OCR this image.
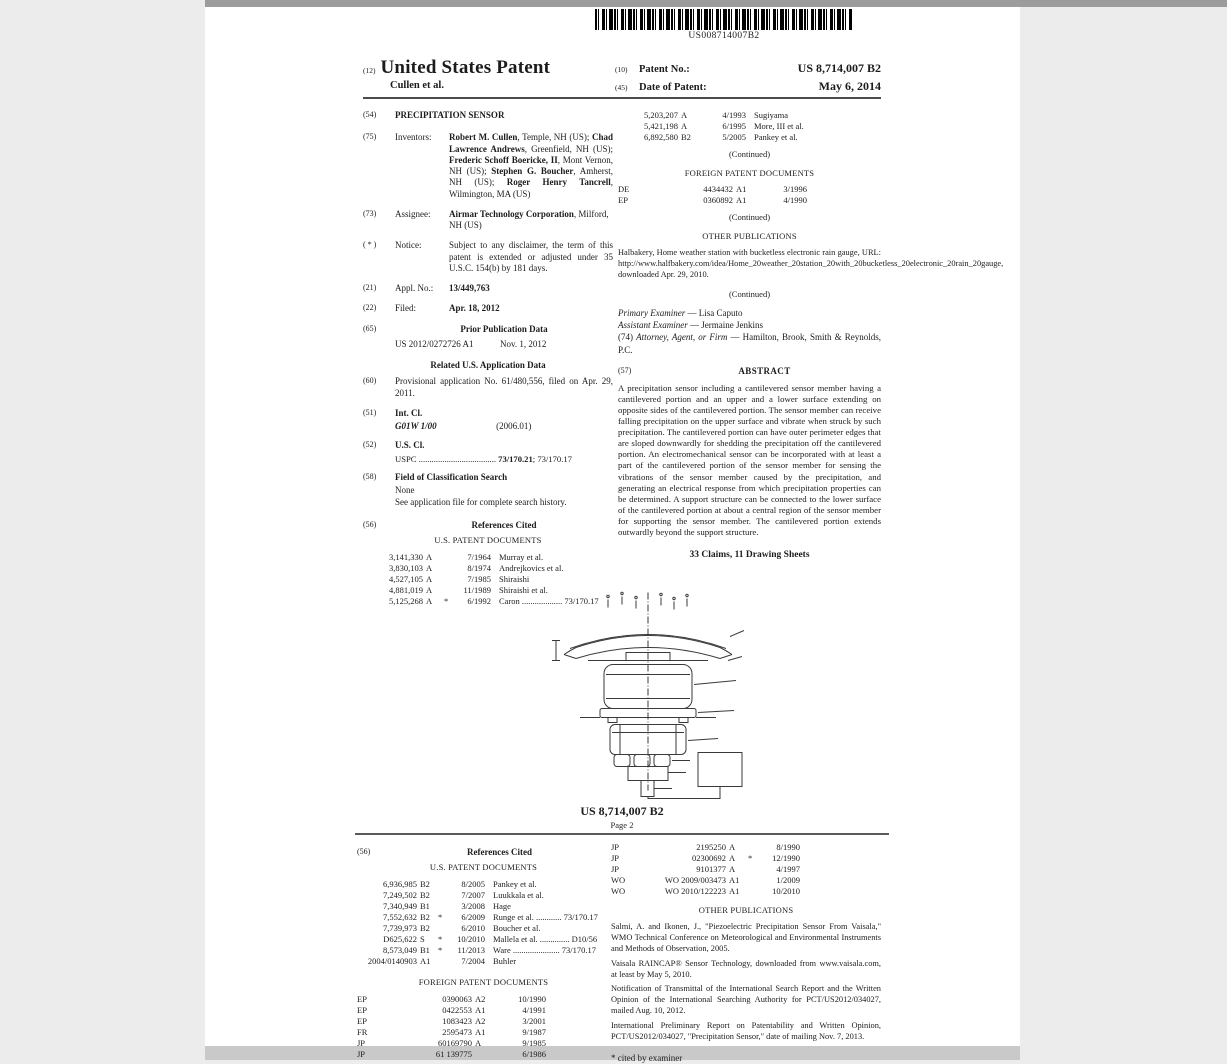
US008714007B2
(12) United States Patent
Cullen et al.
(10)	Patent No.:	US 8,714,007 B2
(45)	Date of Patent:	May 6, 2014
(54)	PRECIPITATION SENSOR
(75)	Inventors:	Robert M. Cullen, Temple, NH (US); Chad Lawrence Andrews, Greenfield, NH (US); Frederic Schoff Boericke, II, Mont Vernon, NH (US); Stephen G. Boucher, Amherst, NH (US); Roger Henry Tancrell, Wilmington, MA (US)
(73)	Assignee:	Airmar Technology Corporation, Milford, NH (US)
( * )	Notice:	Subject to any disclaimer, the term of this patent is extended or adjusted under 35 U.S.C. 154(b) by 181 days.
(21)	Appl. No.:	13/449,763
(22)	Filed:	Apr. 18, 2012
(65)	Prior Publication Data
US 2012/0272726 A1	Nov. 1, 2012
Related U.S. Application Data
(60)	Provisional application No. 61/480,556, filed on Apr. 29, 2011.
(51)	Int. Cl.
G01W 1/00	(2006.01)
(52)	U.S. Cl.
USPC .................................... 73/170.21; 73/170.17
(58)	Field of Classification Search
None
See application file for complete search history.
(56)	References Cited
U.S. PATENT DOCUMENTS
3,141,330 A	7/1964 Murray et al.
3,830,103 A	8/1974 Andrejkovics et al.
4,527,105 A	7/1985 Shiraishi
4,881,019 A	11/1989 Shiraishi et al.
5,125,268 A	*	6/1992 Caron ................... 73/170.17
5,203,207 A	4/1993 Sugiyama
5,421,198 A	6/1995 More, III et al.
6,892,580 B2	5/2005 Pankey et al.
(Continued)
FOREIGN PATENT DOCUMENTS
DE	4434432 A1	3/1996
EP	0360892 A1	4/1990
(Continued)
OTHER PUBLICATIONS
Halbakery, Home weather station with bucketless electronic rain gauge, URL: http://www.halfbakery.com/idea/Home_20weather_20station_20with_20bucketless_20electronic_20rain_20gauge, downloaded Apr. 29, 2010.
(Continued)
Primary Examiner — Lisa Caputo
Assistant Examiner — Jermaine Jenkins
(74) Attorney, Agent, or Firm — Hamilton, Brook, Smith & Reynolds, P.C.
(57)	ABSTRACT
A precipitation sensor including a cantilevered sensor member having a cantilevered portion and an upper and a lower surface extending on opposite sides of the cantilevered portion. The sensor member can receive falling precipitation on the upper surface and vibrate when struck by such precipitation. The cantilevered portion can have outer perimeter edges that are sloped downwardly for shedding the precipitation off the cantilevered portion. An electromechanical sensor can be incorporated with at least a part of the cantilevered portion of the sensor member for sensing the vibrations of the sensor member caused by the precipitation, and generating an electrical response from which precipitation properties can be determined. A support structure can be connected to the lower surface of the cantilevered portion at about a central region of the sensor member for supporting the sensor member. The cantilevered portion extends outwardly beyond the support structure.
33 Claims, 11 Drawing Sheets
US 8,714,007 B2
Page 2
(56)	References Cited
U.S. PATENT DOCUMENTS
6,936,985 B2	8/2005 Pankey et al.
7,249,502 B2	7/2007 Luukkala et al.
7,340,949 B1	3/2008 Hage
7,552,632 B2 *	6/2009 Runge et al. ............ 73/170.17
7,739,973 B2	6/2010 Boucher et al.
D625,622 S	*	10/2010 Mallela et al. .............. D10/56
8,573,049 B1 *	11/2013 Ware ...................... 73/170.17
2004/0140903 A1	7/2004 Buhler
FOREIGN PATENT DOCUMENTS
EP	0390063 A2	10/1990
EP	0422553 A1	4/1991
EP	1083423 A2	3/2001
FR	2595473 A1	9/1987
JP	60169790 A	9/1985
JP	61 139775	6/1986
JP	2195250 A	8/1990
JP	02300692 A	*	12/1990
JP	9101377 A	4/1997
WO	WO 2009/003473 A1	1/2009
WO	WO 2010/122223 A1	10/2010
OTHER PUBLICATIONS
Salmi, A. and Ikonen, J., "Piezoelectric Precipitation Sensor From Vaisala," WMO Technical Conference on Meteorological and Environmental Instruments and Methods of Observation, 2005.
Vaisala RAINCAP® Sensor Technology, downloaded from www.vaisala.com, at least by May 5, 2010.
Notification of Transmittal of the International Search Report and the Written Opinion of the International Searching Authority for PCT/US2012/034027, mailed Aug. 10, 2012.
International Preliminary Report on Patentability and Written Opinion, PCT/US2012/034027, "Precipitation Sensor," date of mailing Nov. 7, 2013.
* cited by examiner
